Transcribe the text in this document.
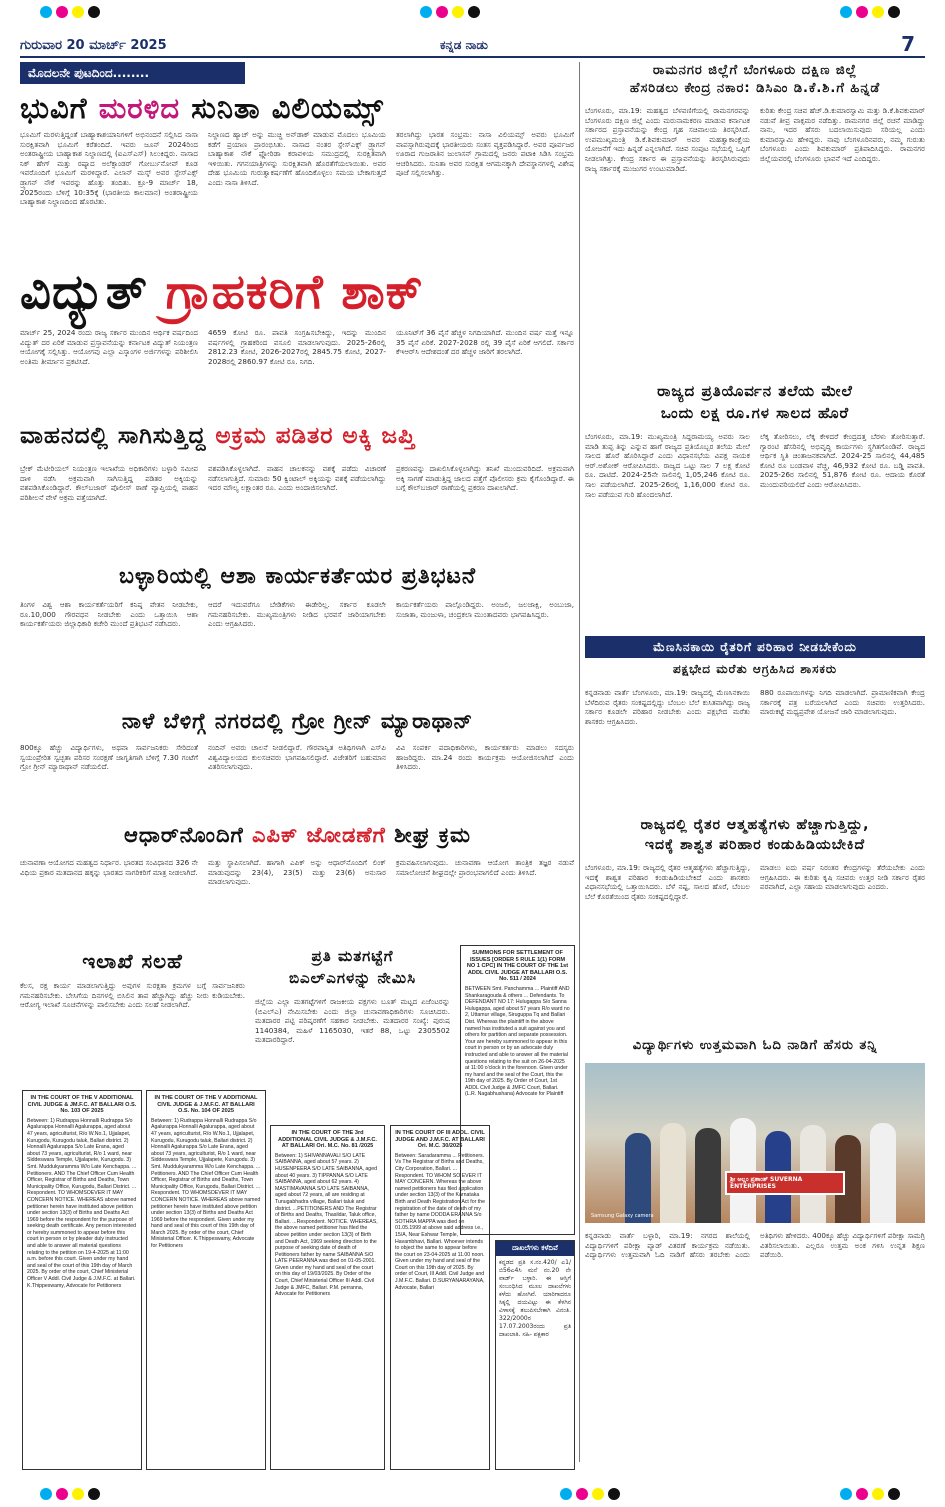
ಗುರುವಾರ 20 ಮಾರ್ಚ್ 2025	ಕನ್ನಡ ನಾಡು	7
ಮೊದಲನೇ ಪುಟದಿಂದ........
ಭುವಿಗೆ ಮರಳಿದ ಸುನಿತಾ ವಿಲಿಯಮ್ಸ್
ಭೂಮಿಗೆ ಮರಳುತ್ತಿದ್ದಂತೆ ಬಾಹ್ಯಾಕಾಶಯಾನಿಗಳಿಗೆ ಅಭಿನಂದನೆ ಸಲ್ಲಿಸಿದ ನಾಸಾ ಸುರಕ್ಷಿತವಾಗಿ ಭೂಮಿಗೆ ಕರೆತಂದಿದೆ. ಇವರು ಜೂನ್ 2024ರಿಂದ ಅಂತರಾಷ್ಟ್ರೀಯ ಬಾಹ್ಯಾಕಾಶ ನಿಲ್ದಾಣದಲ್ಲಿ (ಐಎಸ್‌ಎಸ್) ಸಿಲುಕಿದ್ದರು. ನಾಸಾದ ನಿಕ್ ಹೇಗ್ ಮತ್ತು ರಷ್ಯಾದ ಅಲೆಕ್ಸಾಂಡರ್ ಗೋರ್ಬುನೋವ್ ಕೂಡ ಇವರೊಂದಿಗೆ ಭೂಮಿಗೆ ಮರಳಿದ್ದಾರೆ. ಎಲಾನ್ ಮಸ್ಕ್ ಅವರ ಸ್ಪೇಸ್‌ಎಕ್ಸ್ ಡ್ರ್ಯಾಗನ್ ನೌಕೆ ಇವರನ್ನು ಹೊತ್ತು ತಂದಿತು. ಕ್ರೂ-9 ಮಾರ್ಚ್ 18, 2025ರಂದು ಬೆಳಿಗ್ಗೆ 10:35ಕ್ಕೆ (ಭಾರತೀಯ ಕಾಲಮಾನ) ಅಂತರಾಷ್ಟ್ರೀಯ ಬಾಹ್ಯಾಕಾಶ ನಿಲ್ದಾಣದಿಂದ ಹೊರಟಿತು.
ನಿಲ್ದಾಣದ ಹ್ಯಾಚ್ ಅನ್ನು ಮುಚ್ಚಿ ಅನ್‌ಡಾಕ್ ಮಾಡುವ ಮೊದಲು ಭೂಮಿಯ ಕಡೆಗೆ ಪ್ರಯಾಣ ಪ್ರಾರಂಭಿಸಿತು. ನಾಸಾದ ನಂತರ ಸ್ಪೇಸ್‌ಎಕ್ಸ್ ಡ್ರ್ಯಾಗನ್ ಬಾಹ್ಯಾಕಾಶ ನೌಕೆ ಫ್ಲೋರಿಡಾ ಕರಾವಳಿಯ ಸಮುದ್ರದಲ್ಲಿ ಸುರಕ್ಷಿತವಾಗಿ ಇಳಿಯಿತು. ಗಗನಯಾತ್ರಿಗಳನ್ನು ಸುರಕ್ಷಿತವಾಗಿ ಹೊರತೆಗೆಯಲಾಯಿತು. ಅವರ ದೇಹ ಭೂಮಿಯ ಗುರುತ್ವಾಕರ್ಷಣೆಗೆ ಹೊಂದಿಕೊಳ್ಳಲು ಸಮಯ ಬೇಕಾಗುತ್ತದೆ ಎಂದು ನಾಸಾ ತಿಳಿಸಿದೆ.
ತರಲಾಗಿದ್ದು ಭಾರತ ಸಂಭ್ರಮ: ನಾಸಾ ವಿಲಿಯಮ್ಸ್ ಅವರು ಭೂಮಿಗೆ ವಾಪಸ್ಸಾಗಿರುವುದಕ್ಕೆ ಭಾರತೀಯರು ಸಂತಸ ವ್ಯಕ್ತಪಡಿಸಿದ್ದಾರೆ. ಅವರ ಪೂರ್ವಜರ ಊರಾದ ಗುಜರಾತಿನ ಜುಲಾಸನ್ ಗ್ರಾಮದಲ್ಲಿ ಜನರು ಪಟಾಕಿ ಸಿಡಿಸಿ ಸಂಭ್ರಮ ಆಚರಿಸಿದರು. ಸುನಿತಾ ಅವರ ಸುರಕ್ಷಿತ ಆಗಮನಕ್ಕಾಗಿ ದೇವಸ್ಥಾನಗಳಲ್ಲಿ ವಿಶೇಷ ಪೂಜೆ ಸಲ್ಲಿಸಲಾಗಿತ್ತು.
ವಿದ್ಯುತ್ ಗ್ರಾಹಕರಿಗೆ ಶಾಕ್
ಮಾರ್ಚ್ 25, 2024 ರಂದು ರಾಜ್ಯ ಸರ್ಕಾರ ಮುಂದಿನ ಆರ್ಥಿಕ ವರ್ಷದಿಂದ ವಿದ್ಯುತ್ ದರ ಏರಿಕೆ ಮಾಡುವ ಪ್ರಸ್ತಾವನೆಯನ್ನು ಕರ್ನಾಟಕ ವಿದ್ಯುತ್ ನಿಯಂತ್ರಣ ಆಯೋಗಕ್ಕೆ ಸಲ್ಲಿಸಿತ್ತು. ಆಯೋಗವು ಎಲ್ಲಾ ಎಸ್ಕಾಂಗಳ ಅರ್ಜಿಗಳನ್ನು ಪರಿಶೀಲಿಸಿ ಅಂತಿಮ ತೀರ್ಮಾನ ಪ್ರಕಟಿಸಿದೆ.
4659 ಕೋಟಿ ರೂ. ಪಾವತಿ ಸಂಗ್ರಹಿಸಬೇಕಿದ್ದು, ಇದನ್ನು ಮುಂದಿನ ವರ್ಷಗಳಲ್ಲಿ ಗ್ರಾಹಕರಿಂದ ವಸೂಲಿ ಮಾಡಲಾಗುವುದು. 2025-26ರಲ್ಲಿ 2812.23 ಕೋಟಿ, 2026-2027ರಲ್ಲಿ 2845.75 ಕೋಟಿ, 2027-2028ರಲ್ಲಿ 2860.97 ಕೋಟಿ ರೂ. ನಿಗದಿ.
ಯೂನಿಟ್‌ಗೆ 36 ಪೈಸೆ ಹೆಚ್ಚಳ ನಿಗದಿಯಾಗಿದೆ. ಮುಂದಿನ ವರ್ಷ ಮತ್ತೆ ಇನ್ನೂ 35 ಪೈಸೆ ಏರಿಕೆ. 2027-2028 ರಲ್ಲಿ 39 ಪೈಸೆ ಏರಿಕೆ ಆಗಲಿದೆ. ಸರ್ಕಾರ ಕೆಇಆರ್‌ಸಿ ಆದೇಶದಂತೆ ದರ ಹೆಚ್ಚಳ ಜಾರಿಗೆ ತರಲಾಗಿದೆ.
ರಾಮನಗರ ಜಿಲ್ಲೆಗೆ ಬೆಂಗಳೂರು ದಕ್ಷಿಣ ಜಿಲ್ಲೆ
ಹೆಸರಿಡಲು ಕೇಂದ್ರ ನಕಾರ: ಡಿಸಿಎಂ ಡಿ.ಕೆ.ಶಿ.ಗೆ ಹಿನ್ನಡೆ
ಬೆಂಗಳೂರು, ಮಾ.19: ಮಹತ್ವದ ಬೆಳವಣಿಗೆಯಲ್ಲಿ ರಾಮನಗರವನ್ನು ಬೆಂಗಳೂರು ದಕ್ಷಿಣ ಜಿಲ್ಲೆ ಎಂದು ಮರುನಾಮಕರಣ ಮಾಡುವ ಕರ್ನಾಟಕ ಸರ್ಕಾರದ ಪ್ರಸ್ತಾವನೆಯನ್ನು ಕೇಂದ್ರ ಗೃಹ ಸಚಿವಾಲಯ ತಿರಸ್ಕರಿಸಿದೆ. ಉಪಮುಖ್ಯಮಂತ್ರಿ ಡಿ.ಕೆ.ಶಿವಕುಮಾರ್ ಅವರ ಮಹತ್ವಾಕಾಂಕ್ಷೆಯ ಯೋಜನೆಗೆ ಇದು ಹಿನ್ನಡೆ ಎನ್ನಲಾಗಿದೆ. ಸಚಿವ ಸಂಪುಟ ಸಭೆಯಲ್ಲಿ ಒಪ್ಪಿಗೆ ನೀಡಲಾಗಿತ್ತು. ಕೇಂದ್ರ ಸರ್ಕಾರ ಈ ಪ್ರಸ್ತಾವನೆಯನ್ನು ತಿರಸ್ಕರಿಸಿರುವುದು ರಾಜ್ಯ ಸರ್ಕಾರಕ್ಕೆ ಮುಜುಗರ ಉಂಟುಮಾಡಿದೆ.
ಕುರಿತು ಕೇಂದ್ರ ಸಚಿವ ಹೆಚ್.ಡಿ.ಕುಮಾರಸ್ವಾಮಿ ಮತ್ತು ಡಿ.ಕೆ.ಶಿವಕುಮಾರ್ ನಡುವೆ ತೀವ್ರ ವಾಕ್ಸಮರ ನಡೆದಿತ್ತು. ರಾಮನಗರ ಜಿಲ್ಲೆ ರಚನೆ ಮಾಡಿದ್ದು ನಾನು, ಇದರ ಹೆಸರು ಬದಲಾಯಿಸುವುದು ಸರಿಯಲ್ಲ ಎಂದು ಕುಮಾರಸ್ವಾಮಿ ಹೇಳಿದ್ದರು. ನಾವು ಬೆಂಗಳೂರಿನವರು, ನಮ್ಮ ಗುರುತು ಬೆಂಗಳೂರು ಎಂದು ಶಿವಕುಮಾರ್ ಪ್ರತಿಪಾದಿಸಿದ್ದರು. ರಾಮನಗರ ಜಿಲ್ಲೆಯವರಲ್ಲಿ ಬೆಂಗಳೂರು ಭಾವನೆ ಇದೆ ಎಂದಿದ್ದರು.
ವಾಹನದಲ್ಲಿ ಸಾಗಿಸುತ್ತಿದ್ದ ಅಕ್ರಮ ಪಡಿತರ ಅಕ್ಕಿ ಜಪ್ತಿ
ಬ್ರೇಕ್ ಮೆಟೀರಿಯಲ್ ನಿಯಂತ್ರಣ ಇಲಾಖೆಯ ಅಧಿಕಾರಿಗಳು ಬಳ್ಳಾರಿ ಸಮೀಪ ದಾಳಿ ನಡೆಸಿ ಅಕ್ರಮವಾಗಿ ಸಾಗಿಸುತ್ತಿದ್ದ ಪಡಿತರ ಅಕ್ಕಿಯನ್ನು ವಶಪಡಿಸಿಕೊಂಡಿದ್ದಾರೆ. ಕೌಲ್‌ಬಜಾರ್ ಪೊಲೀಸ್ ಠಾಣೆ ವ್ಯಾಪ್ತಿಯಲ್ಲಿ ವಾಹನ ಪರಿಶೀಲನೆ ವೇಳೆ ಅಕ್ರಮ ಪತ್ತೆಯಾಗಿದೆ.
ವಶಪಡಿಸಿಕೊಳ್ಳಲಾಗಿದೆ. ವಾಹನ ಚಾಲಕನನ್ನು ವಶಕ್ಕೆ ಪಡೆದು ವಿಚಾರಣೆ ನಡೆಸಲಾಗುತ್ತಿದೆ. ಸುಮಾರು 50 ಕ್ವಿಂಟಾಲ್ ಅಕ್ಕಿಯನ್ನು ವಶಕ್ಕೆ ಪಡೆಯಲಾಗಿದ್ದು ಇದರ ಮೌಲ್ಯ ಲಕ್ಷಾಂತರ ರೂ. ಎಂದು ಅಂದಾಜಿಸಲಾಗಿದೆ.
ಪ್ರಕರಣವನ್ನು ದಾಖಲಿಸಿಕೊಳ್ಳಲಾಗಿದ್ದು ತನಿಖೆ ಮುಂದುವರಿದಿದೆ. ಅಕ್ರಮವಾಗಿ ಅಕ್ಕಿ ಸಾಗಣೆ ಮಾಡುತ್ತಿದ್ದ ಜಾಲದ ಪತ್ತೆಗೆ ಪೊಲೀಸರು ಕ್ರಮ ಕೈಗೊಂಡಿದ್ದಾರೆ. ಈ ಬಗ್ಗೆ ಕೌಲ್‌ಬಜಾರ್ ಠಾಣೆಯಲ್ಲಿ ಪ್ರಕರಣ ದಾಖಲಾಗಿದೆ.
ರಾಜ್ಯದ ಪ್ರತಿಯೊರ್ವನ ತಲೆಯ ಮೇಲೆ
ಒಂದು ಲಕ್ಷ ರೂ.ಗಳ ಸಾಲದ ಹೊರೆ
ಬೆಂಗಳೂರು, ಮಾ.19: ಮುಖ್ಯಮಂತ್ರಿ ಸಿದ್ದರಾಮಯ್ಯ ಅವರು ಸಾಲ ಮಾಡಿ ತುಪ್ಪ ತಿನ್ನು ಎನ್ನುವ ಹಾಗೆ ರಾಜ್ಯದ ಪ್ರತಿಯೊಬ್ಬರ ತಲೆಯ ಮೇಲೆ ಸಾಲದ ಹೊರೆ ಹೊರಿಸಿದ್ದಾರೆ ಎಂದು ವಿಧಾನಸಭೆಯ ವಿಪಕ್ಷ ನಾಯಕ ಆರ್.ಅಶೋಕ್ ಆರೋಪಿಸಿದರು. ರಾಜ್ಯದ ಒಟ್ಟು ಸಾಲ 7 ಲಕ್ಷ ಕೋಟಿ ರೂ. ದಾಟಿದೆ. 2024-25ನೇ ಸಾಲಿನಲ್ಲಿ 1,05,246 ಕೋಟಿ ರೂ. ಸಾಲ ಪಡೆಯಲಾಗಿದೆ. 2025-26ರಲ್ಲಿ 1,16,000 ಕೋಟಿ ರೂ. ಸಾಲ ಪಡೆಯುವ ಗುರಿ ಹೊಂದಲಾಗಿದೆ.
ಲೆಕ್ಕ ತೋರಿಸಲು, ಲೆಕ್ಕ ಕೇಳಿದರೆ ಕೇಂದ್ರದತ್ತ ಬೆರಳು ತೋರಿಸುತ್ತಾರೆ. ಗ್ಯಾರಂಟಿ ಹೆಸರಿನಲ್ಲಿ ಅಭಿವೃದ್ಧಿ ಕಾರ್ಯಗಳು ಸ್ಥಗಿತಗೊಂಡಿವೆ. ರಾಜ್ಯದ ಆರ್ಥಿಕ ಸ್ಥಿತಿ ಚಿಂತಾಜನಕವಾಗಿದೆ. 2024-25 ಸಾಲಿನಲ್ಲಿ 44,485 ಕೋಟಿ ರೂ ಬಂಡವಾಳ ವೆಚ್ಚ, 46,932 ಕೋಟಿ ರೂ. ಬಡ್ಡಿ ಪಾವತಿ. 2025-26ರ ಸಾಲಿನಲ್ಲಿ 51,876 ಕೋಟಿ ರೂ. ಆದಾಯ ಕೊರತೆ ಮುಂದುವರಿಯಲಿದೆ ಎಂದು ಆರೋಪಿಸಿದರು.
ಬಳ್ಳಾರಿಯಲ್ಲಿ ಆಶಾ ಕಾರ್ಯಕರ್ತೆಯರ ಪ್ರತಿಭಟನೆ
ತಿಂಗಳ ವಿಶ್ವ ಆಶಾ ಕಾರ್ಯಕರ್ತೆಯರಿಗೆ ಕನಿಷ್ಠ ವೇತನ ನೀಡಬೇಕು, ರೂ.10,000 ಗೌರವಧನ ನೀಡಬೇಕು ಎಂದು ಒತ್ತಾಯಿಸಿ ಆಶಾ ಕಾರ್ಯಕರ್ತೆಯರು ಜಿಲ್ಲಾಧಿಕಾರಿ ಕಚೇರಿ ಮುಂದೆ ಪ್ರತಿಭಟನೆ ನಡೆಸಿದರು.
ಆದರೆ ಇದುವರೆಗೂ ಬೇಡಿಕೆಗಳು ಈಡೇರಿಲ್ಲ. ಸರ್ಕಾರ ಕೂಡಲೇ ಗಮನಹರಿಸಬೇಕು. ಮುಖ್ಯಮಂತ್ರಿಗಳು ನೀಡಿದ ಭರವಸೆ ಜಾರಿಯಾಗಬೇಕು ಎಂದು ಆಗ್ರಹಿಸಿದರು.
ಕಾರ್ಯಕರ್ತೆಯರು ಪಾಲ್ಗೊಂಡಿದ್ದರು. ಅಂಜಲಿ, ಜಲಜಾಕ್ಷಿ, ಅಂಬುಜಾ, ಸುಜಾತಾ, ಮಂಜುಳಾ, ಚಂದ್ರಕಲಾ ಮುಂತಾದವರು ಭಾಗವಹಿಸಿದ್ದರು.
ಮೆಣಸಿನಕಾಯಿ ರೈತರಿಗೆ ಪರಿಹಾರ ನೀಡಬೇಕೆಂದು
ಪಕ್ಷಭೇದ ಮರೆತು ಆಗ್ರಹಿಸಿದ ಶಾಸಕರು
ಕನ್ನಡನಾಡು ವಾರ್ತೆ ಬೆಂಗಳೂರು, ಮಾ.19: ರಾಜ್ಯದಲ್ಲಿ ಮೆಣಸಿನಕಾಯಿ ಬೆಳೆದಿರುವ ರೈತರು ಸಂಕಷ್ಟದಲ್ಲಿದ್ದು ಬೆಂಬಲ ಬೆಲೆ ಕುಸಿತವಾಗಿದ್ದು ರಾಜ್ಯ ಸರ್ಕಾರ ಕೂಡಲೇ ಪರಿಹಾರ ನೀಡಬೇಕು ಎಂದು ಪಕ್ಷಭೇದ ಮರೆತು ಶಾಸಕರು ಆಗ್ರಹಿಸಿದರು.
880 ರೂಪಾಯಿಗಳನ್ನು ನಿಗದಿ ಮಾಡಲಾಗಿದೆ. ಪ್ರಾಮಾಣಿಕವಾಗಿ ಕೇಂದ್ರ ಸರ್ಕಾರಕ್ಕೆ ಪತ್ರ ಬರೆಯಲಾಗಿದೆ ಎಂದು ಸಚಿವರು ಉತ್ತರಿಸಿದರು. ಮಾರುಕಟ್ಟೆ ಮಧ್ಯಪ್ರವೇಶ ಯೋಜನೆ ಜಾರಿ ಮಾಡಲಾಗುವುದು.
ನಾಳೆ ಬೆಳಿಗ್ಗೆ ನಗರದಲ್ಲಿ ಗ್ರೋ ಗ್ರೀನ್ ಮ್ಯಾರಾಥಾನ್
800ಕ್ಕೂ ಹೆಚ್ಚು ವಿದ್ಯಾರ್ಥಿಗಳು, ಅಥವಾ ಸಾರ್ವಜನಿಕರು ಸೇರಿದಂತೆ ಸ್ವಯಂಪ್ರೇರಿತ ಸ್ವಚ್ಛತಾ ಪರಿಸರ ಸಂರಕ್ಷಣೆ ಜಾಗೃತಿಗಾಗಿ ಬೆಳಿಗ್ಗೆ 7.30 ಗಂಟೆಗೆ ಗ್ರೋ ಗ್ರೀನ್ ಮ್ಯಾರಾಥಾನ್ ನಡೆಯಲಿದೆ.
ನಂದಿನ್ ಅವರು ಚಾಲನೆ ನೀಡಲಿದ್ದಾರೆ. ಗೌರವಾನ್ವಿತ ಅತಿಥಿಗಳಾಗಿ ಎಸ್‌ಪಿ ವಿಶ್ವವಿದ್ಯಾಲಯದ ಕುಲಸಚಿವರು ಭಾಗವಹಿಸಲಿದ್ದಾರೆ. ವಿಜೇತರಿಗೆ ಬಹುಮಾನ ವಿತರಿಸಲಾಗುವುದು.
ವಿವಿ ಸಂಪರ್ಕ ಪದಾಧಿಕಾರಿಗಳು, ಕಾರ್ಯಕರ್ತರು ಮಾಡಲು ಸದಸ್ಯರು ಹಾಜರಿದ್ದರು. ಮಾ.24 ರಂದು ಕಾರ್ಯಕ್ರಮ ಆಯೋಜಿಸಲಾಗಿದೆ ಎಂದು ತಿಳಿಸಿದರು.
ರಾಜ್ಯದಲ್ಲಿ ರೈತರ ಆತ್ಮಹತ್ಯೆಗಳು ಹೆಚ್ಚಾಗುತ್ತಿದ್ದು,
ಇದಕ್ಕೆ ಶಾಶ್ವತ ಪರಿಹಾರ ಕಂಡುಹಿಡಿಯಬೇಕಿದೆ
ಬೆಂಗಳೂರು, ಮಾ.19: ರಾಜ್ಯದಲ್ಲಿ ರೈತರ ಆತ್ಮಹತ್ಯೆಗಳು ಹೆಚ್ಚಾಗುತ್ತಿದ್ದು, ಇದಕ್ಕೆ ಶಾಶ್ವತ ಪರಿಹಾರ ಕಂಡುಹಿಡಿಯಬೇಕಿದೆ ಎಂದು ಶಾಸಕರು ವಿಧಾನಸಭೆಯಲ್ಲಿ ಒತ್ತಾಯಿಸಿದರು. ಬೆಳೆ ನಷ್ಟ, ಸಾಲದ ಹೊರೆ, ಬೆಂಬಲ ಬೆಲೆ ಕೊರತೆಯಿಂದ ರೈತರು ಸಂಕಷ್ಟದಲ್ಲಿದ್ದಾರೆ.
ಮಾಡಲು ಐದು ವರ್ಷ ನಿರಂತರ ಕೇಂದ್ರಗಳನ್ನು ತೆರೆಯಬೇಕು ಎಂದು ಆಗ್ರಹಿಸಿದರು. ಈ ಕುರಿತು ಕೃಷಿ ಸಚಿವರು ಉತ್ತರ ನೀಡಿ ಸರ್ಕಾರ ರೈತರ ಪರವಾಗಿದೆ, ಎಲ್ಲಾ ಸಹಾಯ ಮಾಡಲಾಗುವುದು ಎಂದರು.
ಆಧಾರ್‌ನೊಂದಿಗೆ ಎಪಿಕ್ ಜೋಡಣೆಗೆ ಶೀಘ್ರ ಕ್ರಮ
ಚುನಾವಣಾ ಆಯೋಗದ ಮಹತ್ವದ ನಿರ್ಧಾರ. ಭಾರತದ ಸಂವಿಧಾನದ 326 ನೇ ವಿಧಿಯ ಪ್ರಕಾರ ಮತದಾನದ ಹಕ್ಕನ್ನು ಭಾರತದ ನಾಗರಿಕರಿಗೆ ಮಾತ್ರ ನೀಡಲಾಗಿದೆ.
ಮತ್ತು ಸ್ಥಾಪಿಸಲಾಗಿದೆ. ಹಾಗಾಗಿ ಎಪಿಕ್ ಅನ್ನು ಆಧಾರ್‌ನೊಂದಿಗೆ ಲಿಂಕ್ ಮಾಡುವುದನ್ನು 23(4), 23(5) ಮತ್ತು 23(6) ಅನುಸಾರ ಮಾಡಲಾಗುವುದು.
ಕ್ರಮವಹಿಸಲಾಗುವುದು. ಚುನಾವಣಾ ಆಯೋಗ ತಾಂತ್ರಿಕ ತಜ್ಞರ ನಡುವೆ ಸಮಾಲೋಚನೆ ಶೀಘ್ರದಲ್ಲೇ ಪ್ರಾರಂಭವಾಗಲಿದೆ ಎಂದು ತಿಳಿಸಿದೆ.
ಇಲಾಖೆ ಸಲಹೆ
ಕೆಲಸ, ರಕ್ಷ ಕಾರ್ಯ ಮಾಡಲಾಗುತ್ತಿದ್ದು ಅವುಗಳ ಸುರಕ್ಷತಾ ಕ್ರಮಗಳ ಬಗ್ಗೆ ಸಾರ್ವಜನಿಕರು ಗಮನಹರಿಸಬೇಕು. ಬೇಸಿಗೆಯ ದಿನಗಳಲ್ಲಿ ಬಿಸಿಲಿನ ತಾಪ ಹೆಚ್ಚಾಗಿದ್ದು ಹೆಚ್ಚು ನೀರು ಕುಡಿಯಬೇಕು. ಆರೋಗ್ಯ ಇಲಾಖೆ ಸೂಚನೆಗಳನ್ನು ಪಾಲಿಸಬೇಕು ಎಂದು ಸಲಹೆ ನೀಡಲಾಗಿದೆ.
ಪ್ರತಿ ಮತಗಟ್ಟೆಗೆ
ಬಿಎಲ್ಎಗಳನ್ನು ನೇಮಿಸಿ
ಜಿಲ್ಲೆಯ ಎಲ್ಲಾ ಮತಗಟ್ಟೆಗಳಿಗೆ ರಾಜಕೀಯ ಪಕ್ಷಗಳು ಬೂತ್ ಮಟ್ಟದ ಏಜೆಂಟರನ್ನು (ಬಿಎಲ್ಎ) ನೇಮಿಸಬೇಕು ಎಂದು ಜಿಲ್ಲಾ ಚುನಾವಣಾಧಿಕಾರಿಗಳು ಸೂಚಿಸಿದರು. ಮತದಾರರ ಪಟ್ಟಿ ಪರಿಷ್ಕರಣೆಗೆ ಸಹಕಾರ ನೀಡಬೇಕು. ಮತದಾರರ ಸಂಖ್ಯೆ: ಪುರುಷ 1140384, ಮಹಿಳೆ 1165030, ಇತರೆ 88, ಒಟ್ಟು 2305502 ಮತದಾರರಿದ್ದಾರೆ.
IN THE COURT OF THE V ADDITIONAL CIVIL JUDGE & JM.F.C. AT BALLARI O.S. No. 103 OF 2025
Between: 1) Rudrappa Honnalli Rudrappa S/o Agalurappa Honnalli Agalurappa, aged about 47 years, agriculturist, R/o W.No.1, Ujjalapet, Kurugodu, Kurugodu taluk, Ballari district. 2) Honnalli Agalurappa S/o Late Erana, aged about 73 years, agriculturist, R/o 1 ward, near Siddeswara Temple, Ujjalapete, Kurugodu. 3) Smt. Muddukyaramma W/o Late Kenchappa. ... Petitioners. AND The Chief Officer Cum Health Officer, Registrar of Births and Deaths, Town Municipality Office, Kurugodu, Ballari District. ... Respondent. TO WHOMSOEVER IT MAY CONCERN NOTICE. WHEREAS above named petitioner herein have instituted above petition under section 13(3) of Births and Deaths Act 1969 before the respondent for the purpose of seeking death certificate. Any person interested or hereby summoned to appear before this court in person or by pleader duly instructed and able to answer all material questions relating to the petition on 19-4-2025 at 11:00 a.m. before this court. Given under my hand and seal of the court of this 19th day of March 2025. By order of the court, Chief Ministerial Officer V Addl. Civil Judge & J.M.F.C. at Ballari. K.Thippeswamy, Advocate for Petitioners
IN THE COURT OF THE V ADDITIONAL CIVIL JUDGE & J.M.F.C. AT BALLARI O.S. No. 104 OF 2025
Between: 1) Rudrappa Honnalli Rudrappa S/o Agalurappa Honnalli Agalurappa, aged about 47 years, agriculturist, R/o W.No.1, Ujjalapet, Kurugodu, Kurugodu taluk, Ballari district. 2) Honnalli Agalurappa S/o Late Erana, aged about 73 years, agriculturist, R/o 1 ward, near Siddeswara Temple, Ujjalapete, Kurugodu. 3) Smt. Muddukyaramma W/o Late Kenchappa. ... Petitioners. AND The Chief Officer Cum Health Officer, Registrar of Births and Deaths, Town Municipality Office, Kurugodu, Ballari District. ... Respondent. TO WHOMSOEVER IT MAY CONCERN NOTICE. WHEREAS above named petitioner herein have instituted above petition under section 13(3) of Births and Deaths Act 1969 before the respondent. Given under my hand and seal of this court of this 19th day of March 2025. By order of the court, Chief Ministerial Officer. K.Thippeswamy, Advocate for Petitioners
IN THE COURT OF THE 3rd ADDITIONAL CIVIL JUDGE & J.M.F.C. AT BALLARI Ori. M.C. No. 81 /2025
Between: 1) SHIVANNAVALI S/O LATE SAIBANNA, aged about 57 years. 2) HUSENPEERA S/O LATE SAIBANNA, aged about 40 years. 3) TIPPANNA S/O LATE SAIBANNA, aged about 62 years. 4) MASTIMAVANNA S/O LATE SAIBANNA, aged about 72 years, all are residing at Tunugabhadra village, Ballari taluk and district. ...PETITIONERS AND The Registrar of Births and Deaths, Thasildar, Taluk office, Ballari. ...Respondent. NOTICE. WHEREAS, the above named petitioner has filed the above petition under section 13(3) of Birth and Death Act, 1969 seeking direction to the purpose of seeking date of death of Petitioners father by name SAIBANNA S/O LATE PEERANNA was died on 01-05-2001. Given under my hand and seal of the court on this day of 19/03/2025. By Order of the Court, Chief Ministerial Officer III Addl. Civil Judge & JMFC, Ballari. P.M. perranna, Advocate for Petitioners
IN THE COURT OF III ADDL. CIVIL JUDGE AND J.M.F.C. AT BALLARI Ori. M.C. 30/2025
Between: Saradaramma ... Petitioners. Vs The Registrar of Births and Deaths, City Corporation, Ballari. ... Respondent. TO WHOM SO EVER IT MAY CONCERN. Whereas the above named petitioners has filed application under section 13(3) of the Karnataka Birth and Death Registration Act for the registration of the date of death of my father by name DODDA ERANNA S/o SOTHRA MAPPA was died on 01.05.1999 at above said address i.e., 15/A, Near Eshwar Temple, Havambhavi, Ballari. Whoever intends to object the same to appear before the court on 23-04-2025 at 11.00 noon. Given under my hand and seal of the Court on this 19th day of 2025. By order of Court, III Addl. Civil Judge and J.M.F.C. Ballari. D.SURYANARAYANA, Advocate, Ballari
SUMMONS FOR SETTLEMENT OF ISSUES [ORDER 5 RULE 1(1) FORM NO 1 CPC] IN THE COURT OF THE 1st ADDL CIVIL JUDGE AT BALLARI O.S. No. 511 / 2024
BETWEEN Smt. Panchamma ... Plaintiff AND Shankaragouda & others ... Defendants. To DEFENDANT NO 17: Hulugappa S/o Sanna Hulugappa, aged about 57 years R/o ward no 2, Uttamur village, Siruguppa Tq and Ballari Dist. Whereas the plaintiff in the above named has instituted a suit against you and others for partition and separate possession. Your are hereby summoned to appear in this court in person or by an advocate duly instructed and able to answer all the material questions relating to the suit on 26-04-2025 at 11:00 o'clock in the forenoon. Given under my hand and the seal of the Court, this the 19th day of 2025. By Order of Court, 1st ADDL Civil Judge & JMFC Court, Ballari. (L.R. Nagabhushana) Advocate for Plaintiff
ದಾಖಲೆಗಳು ಕಳೆದಿವೆ
ಕನ್ನಡದ ಪ್ರತಿ ಸ.ನಂ.420/ ಎ1/ಬಿ56ಎ4ಸಿ ಮನೆ ನಂ.20 ನೇ ವಾರ್ಡ್ ಬಳ್ಳಾರಿ. ಈ ಆಸ್ತಿಗೆ ಸಂಬಂಧಿಸಿದ ಮೂಲ ದಾಖಲೆಗಳು ಕಳೆದು ಹೋಗಿವೆ. ಯಾರಿಗಾದರೂ ಸಿಕ್ಕಲ್ಲಿ ದಯವಿಟ್ಟು ಈ ಕೆಳಗಿನ ವಿಳಾಸಕ್ಕೆ ತಲುಪಿಸಬೇಕಾಗಿ ವಿನಂತಿ. 322/2000ರ 17.07.2003ರಂದು ಪ್ರತಿ ದಾಖಲಾತಿ. ಸಹಿ- ಪಕ್ಷಕಾರ
ವಿದ್ಯಾರ್ಥಿಗಳು ಉತ್ತಮವಾಗಿ ಓದಿ ನಾಡಿಗೆ ಹೆಸರು ತನ್ನಿ
ಶ್ರೀ ಅಲ್ಲಂ ಪ್ರಶಾಂತ್ SUVERNA ENTERPRISES
Samsung Galaxy camera
ಕನ್ನಡನಾಡು ವಾರ್ತೆ ಬಳ್ಳಾರಿ, ಮಾ.19: ನಗರದ ಶಾಲೆಯಲ್ಲಿ ವಿದ್ಯಾರ್ಥಿಗಳಿಗೆ ಪರೀಕ್ಷಾ ಪ್ಯಾಡ್ ವಿತರಣೆ ಕಾರ್ಯಕ್ರಮ ನಡೆಯಿತು. ವಿದ್ಯಾರ್ಥಿಗಳು ಉತ್ತಮವಾಗಿ ಓದಿ ನಾಡಿಗೆ ಹೆಸರು ತರಬೇಕು ಎಂದು ಅತಿಥಿಗಳು ಹೇಳಿದರು. 400ಕ್ಕೂ ಹೆಚ್ಚು ವಿದ್ಯಾರ್ಥಿಗಳಿಗೆ ಪರೀಕ್ಷಾ ಸಾಮಗ್ರಿ ವಿತರಿಸಲಾಯಿತು. ಎಲ್ಲರೂ ಉತ್ತಮ ಅಂಕ ಗಳಿಸಿ ಉನ್ನತ ಶಿಕ್ಷಣ ಪಡೆಯಿರಿ.
